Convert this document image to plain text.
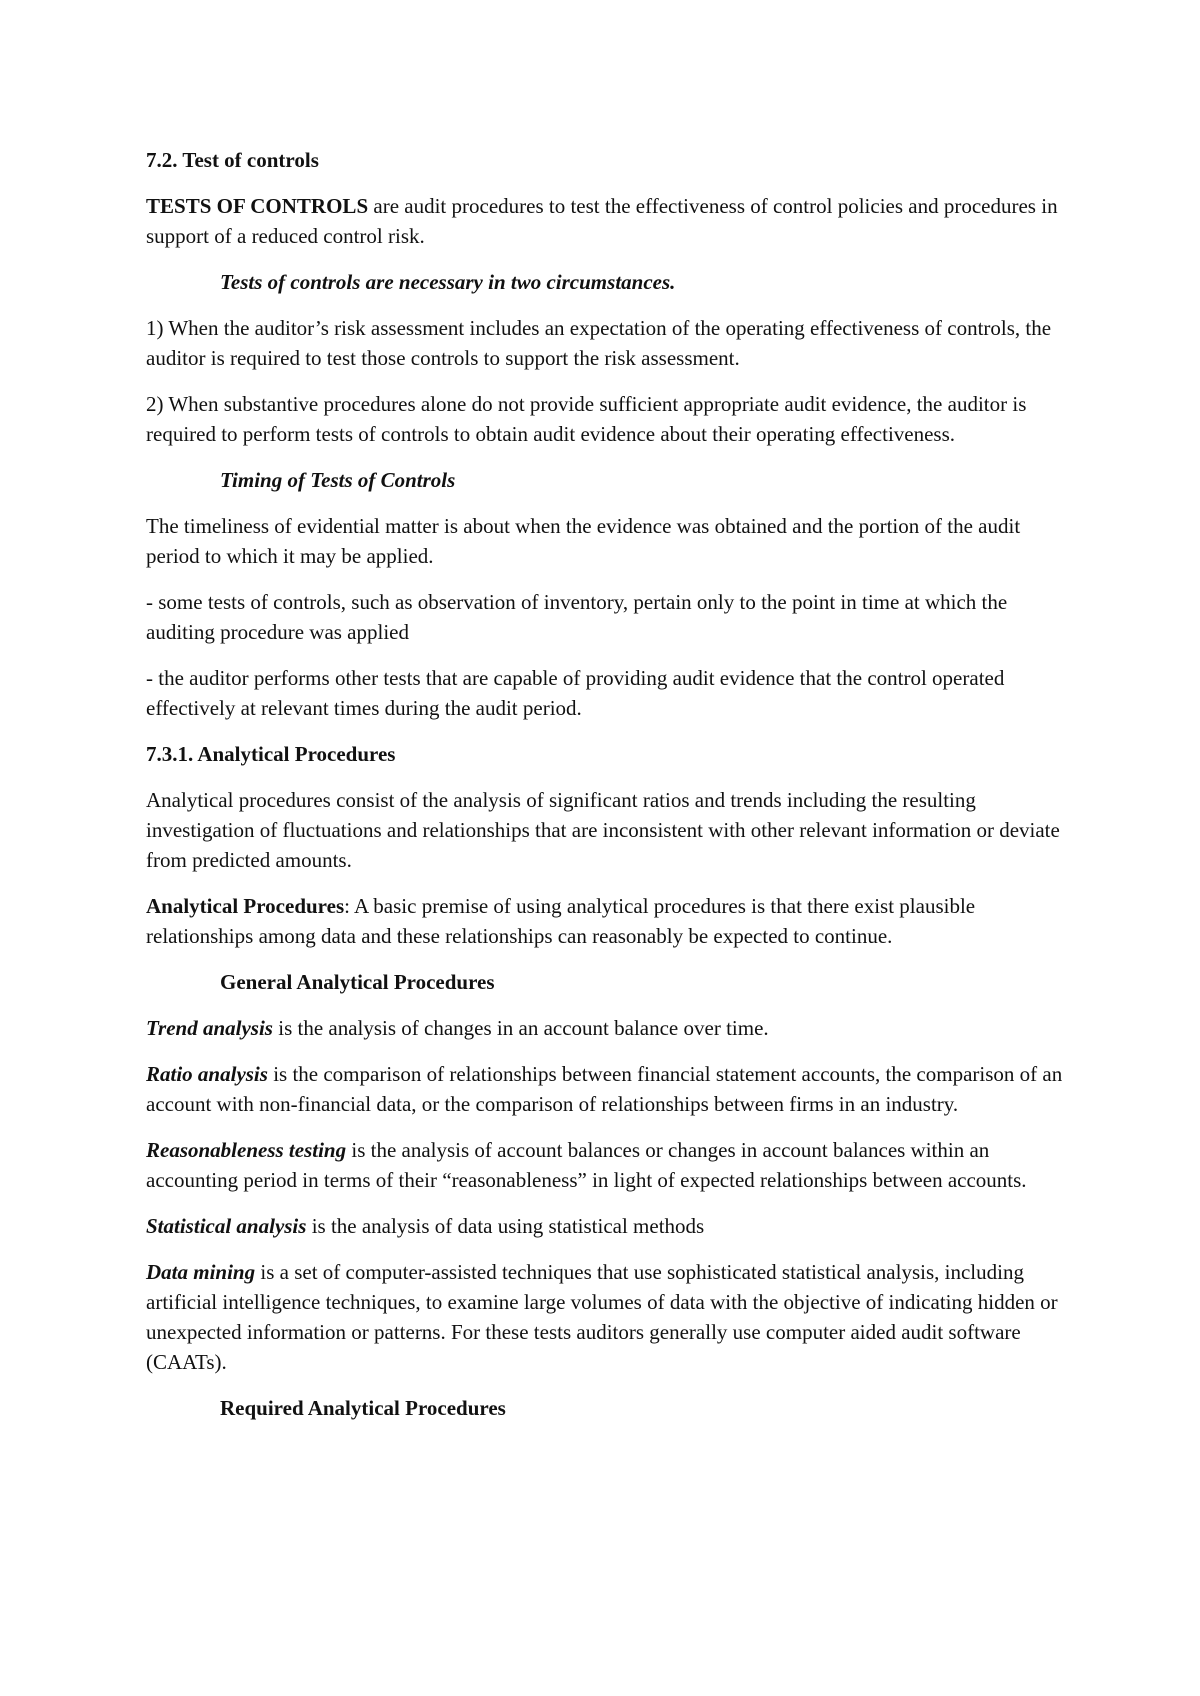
7.2. Test of controls

TESTS OF CONTROLS are audit procedures to test the effectiveness of control policies and procedures in support of a reduced control risk.

Tests of controls are necessary in two circumstances.

1) When the auditor’s risk assessment includes an expectation of the operating effectiveness of controls, the auditor is required to test those controls to support the risk assessment.

2) When substantive procedures alone do not provide sufficient appropriate audit evidence, the auditor is required to perform tests of controls to obtain audit evidence about their operating effectiveness.

Timing of Tests of Controls

The timeliness of evidential matter is about when the evidence was obtained and the portion of the audit period to which it may be applied.

- some tests of controls, such as observation of inventory, pertain only to the point in time at which the auditing procedure was applied

- the auditor performs other tests that are capable of providing audit evidence that the control operated effectively at relevant times during the audit period.

7.3.1. Analytical Procedures

Analytical procedures consist of the analysis of significant ratios and trends including the resulting investigation of fluctuations and relationships that are inconsistent with other relevant information or deviate from predicted amounts.

Analytical Procedures: A basic premise of using analytical procedures is that there exist plausible relationships among data and these relationships can reasonably be expected to continue.

General Analytical Procedures

Trend analysis is the analysis of changes in an account balance over time.

Ratio analysis is the comparison of relationships between financial statement accounts, the comparison of an account with non-financial data, or the comparison of relationships between firms in an industry.

Reasonableness testing is the analysis of account balances or changes in account balances within an accounting period in terms of their “reasonableness” in light of expected relationships between accounts.

Statistical analysis is the analysis of data using statistical methods

Data mining is a set of computer-assisted techniques that use sophisticated statistical analysis, including artificial intelligence techniques, to examine large volumes of data with the objective of indicating hidden or unexpected information or patterns. For these tests auditors generally use computer aided audit software (CAATs).

Required Analytical Procedures
